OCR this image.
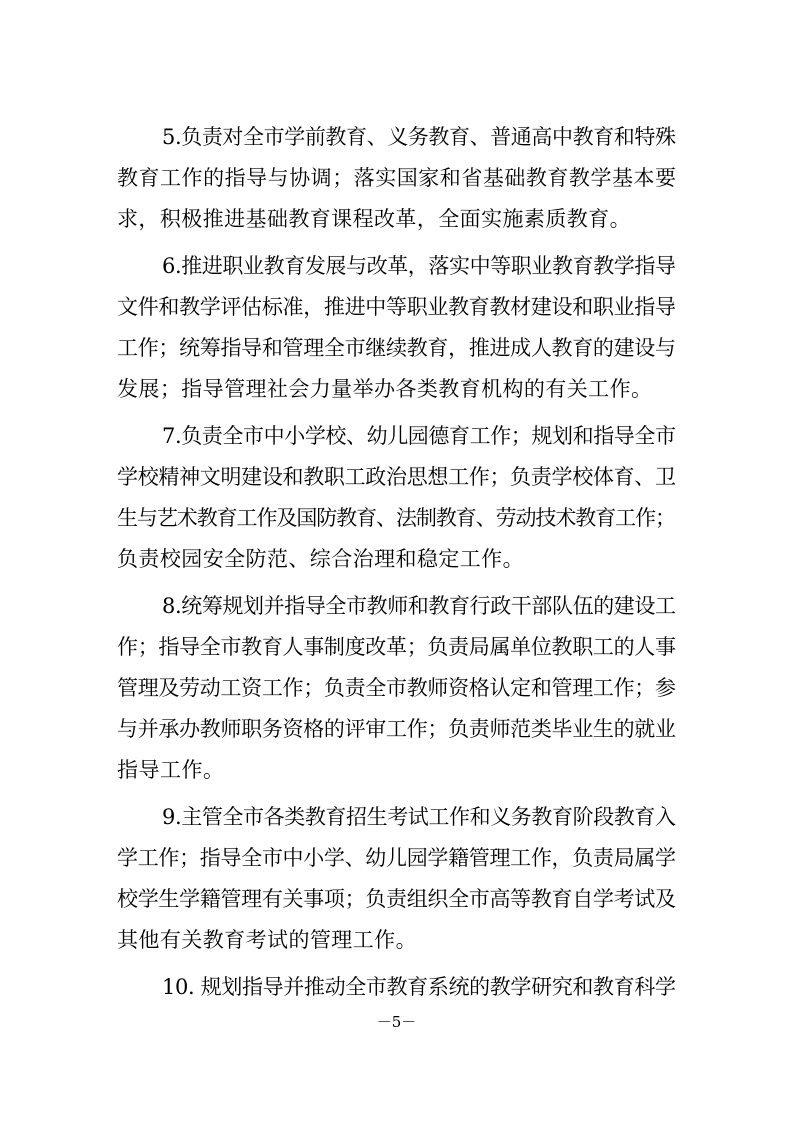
5.负责对全市学前教育、义务教育、普通高中教育和特殊
教育工作的指导与协调；落实国家和省基础教育教学基本要
求，积极推进基础教育课程改革，全面实施素质教育。
6.推进职业教育发展与改革，落实中等职业教育教学指导
文件和教学评估标准，推进中等职业教育教材建设和职业指导
工作；统筹指导和管理全市继续教育，推进成人教育的建设与
发展；指导管理社会力量举办各类教育机构的有关工作。
7.负责全市中小学校、幼儿园德育工作；规划和指导全市
学校精神文明建设和教职工政治思想工作；负责学校体育、卫
生与艺术教育工作及国防教育、法制教育、劳动技术教育工作；
负责校园安全防范、综合治理和稳定工作。
8.统筹规划并指导全市教师和教育行政干部队伍的建设工
作；指导全市教育人事制度改革；负责局属单位教职工的人事
管理及劳动工资工作；负责全市教师资格认定和管理工作；参
与并承办教师职务资格的评审工作；负责师范类毕业生的就业
指导工作。
9.主管全市各类教育招生考试工作和义务教育阶段教育入
学工作；指导全市中小学、幼儿园学籍管理工作，负责局属学
校学生学籍管理有关事项；负责组织全市高等教育自学考试及
其他有关教育考试的管理工作。
10. 规划指导并推动全市教育系统的教学研究和教育科学
－5－
